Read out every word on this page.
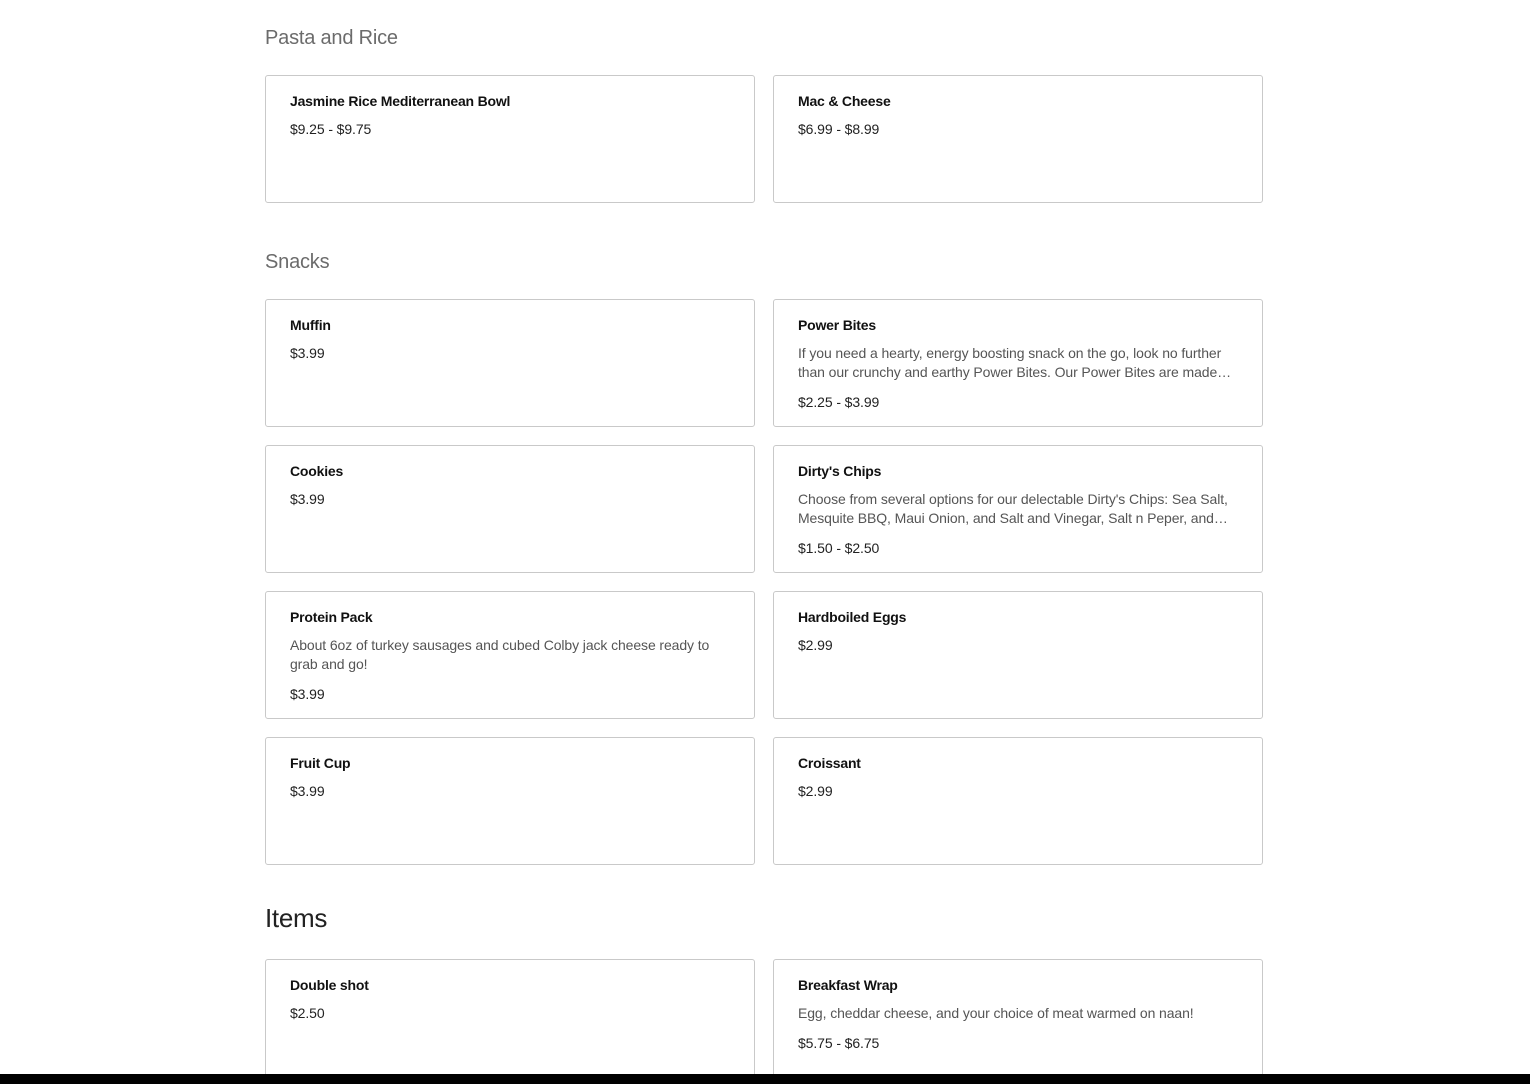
Pasta and Rice
Jasmine Rice Mediterranean Bowl
$9.25 - $9.75
Mac & Cheese
$6.99 - $8.99
Snacks
Muffin
$3.99
Power Bites
If you need a hearty, energy boosting snack on the go, look no further than our crunchy and earthy Power Bites. Our Power Bites are made
$2.25 - $3.99
Cookies
$3.99
Dirty's Chips
Choose from several options for our delectable Dirty's Chips: Sea Salt, Mesquite BBQ, Maui Onion, and Salt and Vinegar, Salt n Peper, and
$1.50 - $2.50
Protein Pack
About 6oz of turkey sausages and cubed Colby jack cheese ready to grab and go!
$3.99
Hardboiled Eggs
$2.99
Fruit Cup
$3.99
Croissant
$2.99
Items
Double shot
$2.50
Breakfast Wrap
Egg, cheddar cheese, and your choice of meat warmed on naan!
$5.75 - $6.75
